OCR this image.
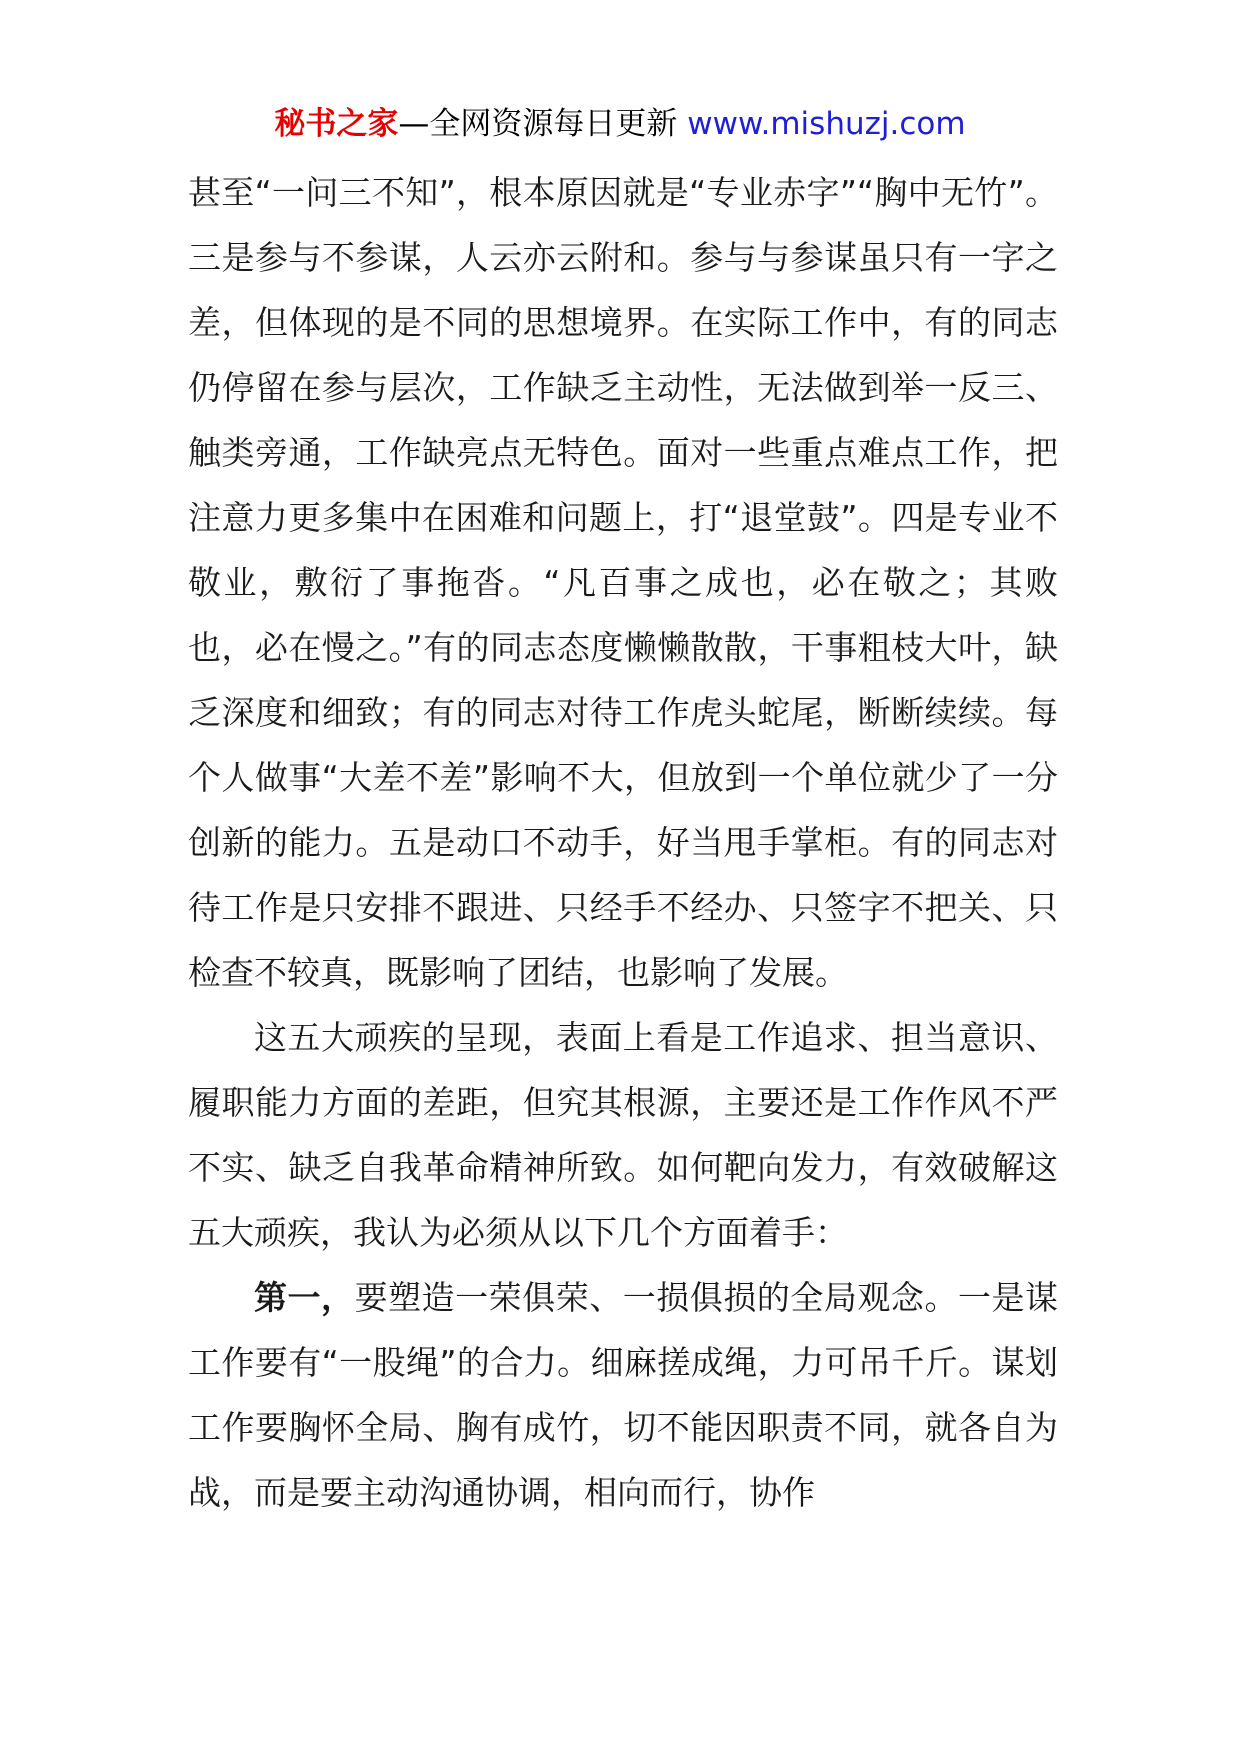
秘书之家—全网资源每日更新 www.mishuzj.com

甚至“一问三不知”，根本原因就是“专业赤字”“胸中无竹”。三是参与不参谋，人云亦云附和。参与与参谋虽只有一字之差，但体现的是不同的思想境界。在实际工作中，有的同志仍停留在参与层次，工作缺乏主动性，无法做到举一反三、触类旁通，工作缺亮点无特色。面对一些重点难点工作，把注意力更多集中在困难和问题上，打“退堂鼓”。四是专业不敬业，敷衍了事拖沓。“凡百事之成也，必在敬之；其败也，必在慢之。”有的同志态度懒懒散散，干事粗枝大叶，缺乏深度和细致；有的同志对待工作虎头蛇尾，断断续续。每个人做事“大差不差”影响不大，但放到一个单位就少了一分创新的能力。五是动口不动手，好当甩手掌柜。有的同志对待工作是只安排不跟进、只经手不经办、只签字不把关、只检查不较真，既影响了团结，也影响了发展。

这五大顽疾的呈现，表面上看是工作追求、担当意识、履职能力方面的差距，但究其根源，主要还是工作作风不严不实、缺乏自我革命精神所致。如何靶向发力，有效破解这五大顽疾，我认为必须从以下几个方面着手：

第一，要塑造一荣俱荣、一损俱损的全局观念。一是谋工作要有“一股绳”的合力。细麻搓成绳，力可吊千斤。谋划工作要胸怀全局、胸有成竹，切不能因职责不同，就各自为战，而是要主动沟通协调，相向而行，协作
